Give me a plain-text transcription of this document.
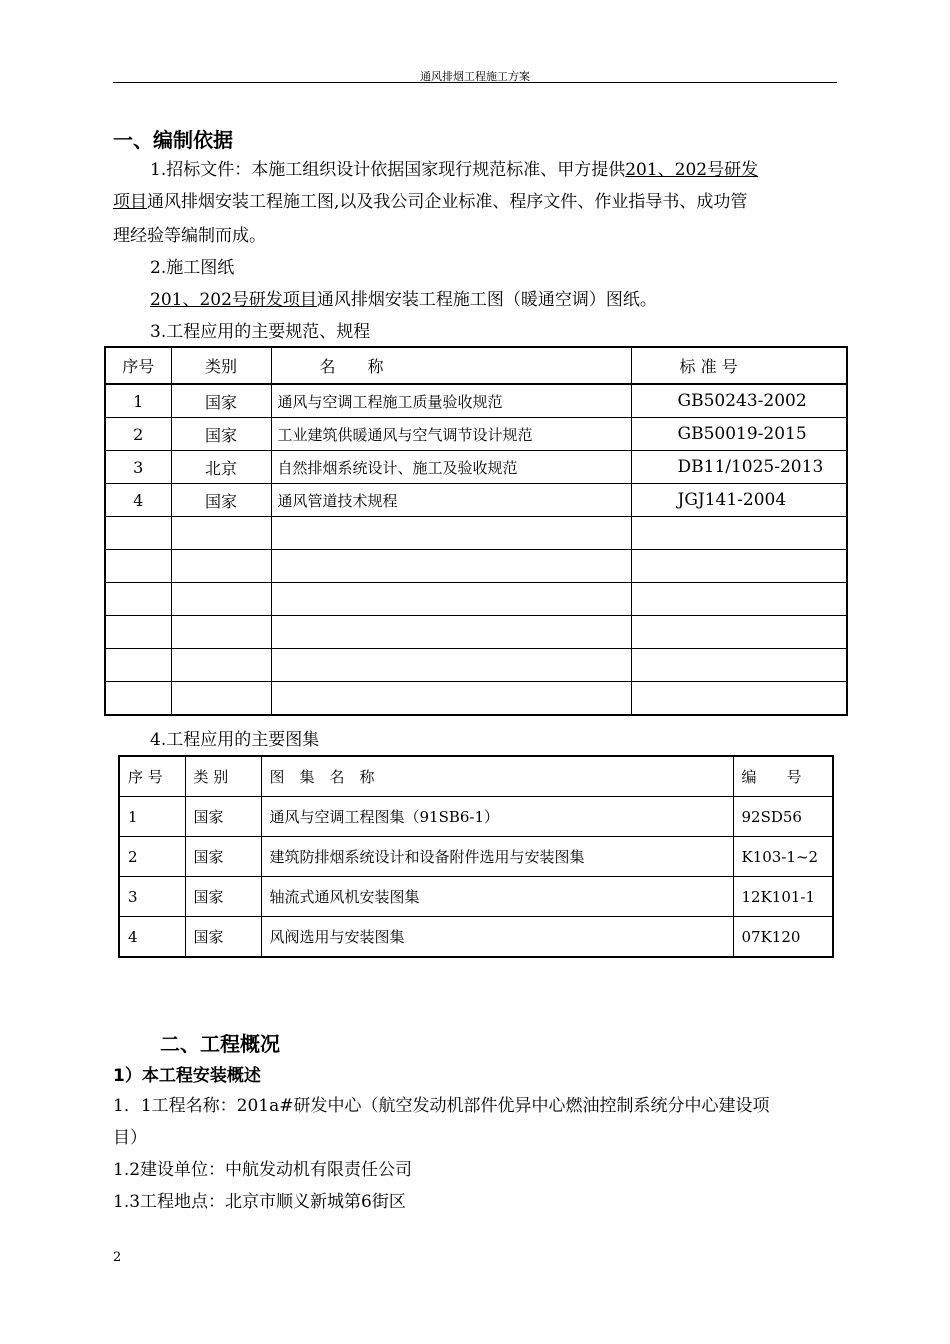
通风排烟工程施工方案
一、编制依据
1.招标文件：本施工组织设计依据国家现行规范标准、甲方提供201、202号研发
项目通风排烟安装工程施工图,以及我公司企业标准、程序文件、作业指导书、成功管
理经验等编制而成。
2.施工图纸
201、202号研发项目通风排烟安装工程施工图（暖通空调）图纸。
3.工程应用的主要规范、规程
序号	类别	名　　称	标 准 号
1	国家	通风与空调工程施工质量验收规范	GB50243-2002
2	国家	工业建筑供暖通风与空气调节设计规范	GB50019-2015
3	北京	自然排烟系统设计、施工及验收规范	DB11/1025-2013
4	国家	通风管道技术规程	JGJ141-2004

4.工程应用的主要图集
序 号	类 别	图　集　名　称	编　　号
1	国家	通风与空调工程图集（91SB6-1）	92SD56
2	国家	建筑防排烟系统设计和设备附件选用与安装图集	K103-1~2
3	国家	轴流式通风机安装图集	12K101-1
4	国家	风阀选用与安装图集	07K120
二、工程概况
1）本工程安装概述
1．1工程名称：201a#研发中心（航空发动机部件优异中心燃油控制系统分中心建设项
目）
1.2建设单位：中航发动机有限责任公司
1.3工程地点：北京市顺义新城第6街区
2
